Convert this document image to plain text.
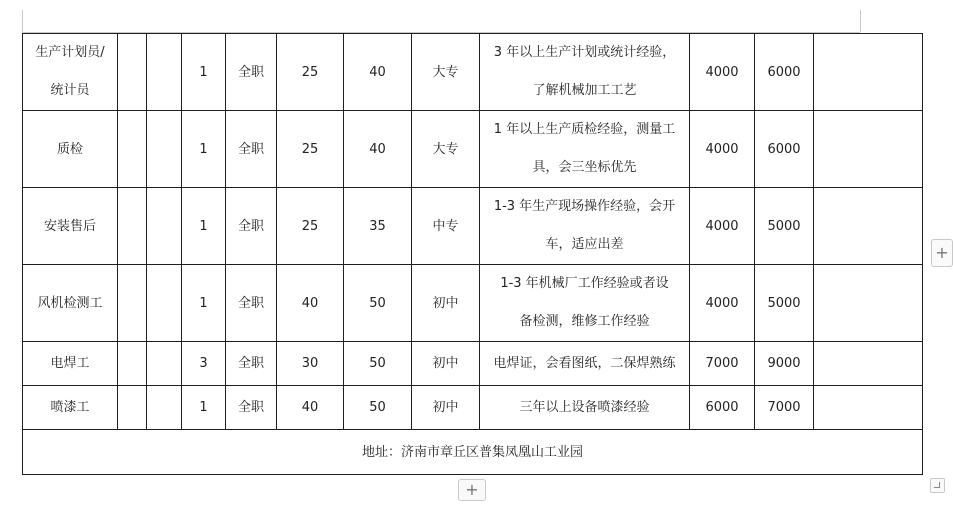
生产计划员/
统计员			1	全职	25	40	大专	3 年以上生产计划或统计经验，
了解机械加工工艺	4000	6000	
质检			1	全职	25	40	大专	1 年以上生产质检经验，测量工
具，会三坐标优先	4000	6000	
安装售后			1	全职	25	35	中专	1-3 年生产现场操作经验，会开
车，适应出差	4000	5000	
风机检测工			1	全职	40	50	初中	1-3 年机械厂工作经验或者设
备检测，维修工作经验	4000	5000	
电焊工			3	全职	30	50	初中	电焊证，会看图纸，二保焊熟练	7000	9000	
喷漆工			1	全职	40	50	初中	三年以上设备喷漆经验	6000	7000	
地址：济南市章丘区普集凤凰山工业园											
+
+
